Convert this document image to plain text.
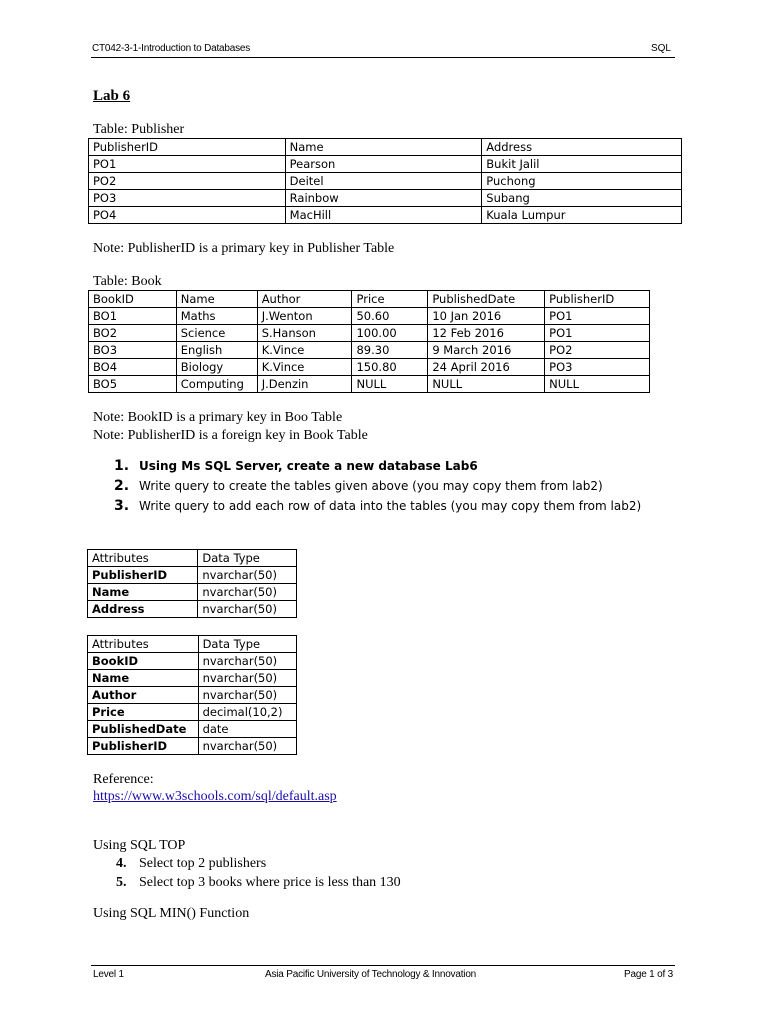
CT042-3-1-Introduction to Databases	SQL
Lab 6
Table: Publisher
PublisherID	Name	Address
PO1	Pearson	Bukit Jalil
PO2	Deitel	Puchong
PO3	Rainbow	Subang
PO4	MacHill	Kuala Lumpur
Note: PublisherID is a primary key in Publisher Table
Table: Book
BookID	Name	Author	Price	PublishedDate	PublisherID
BO1	Maths	J.Wenton	50.60	10 Jan 2016	PO1
BO2	Science	S.Hanson	100.00	12 Feb 2016	PO1
BO3	English	K.Vince	89.30	9 March 2016	PO2
BO4	Biology	K.Vince	150.80	24 April 2016	PO3
BO5	Computing	J.Denzin	NULL	NULL	NULL
Note: BookID is a primary key in Boo Table
Note: PublisherID is a foreign key in Book Table
1. Using Ms SQL Server, create a new database Lab6
2. Write query to create the tables given above (you may copy them from lab2)
3. Write query to add each row of data into the tables (you may copy them from lab2)
Attributes	Data Type
PublisherID	nvarchar(50)
Name	nvarchar(50)
Address	nvarchar(50)
Attributes	Data Type
BookID	nvarchar(50)
Name	nvarchar(50)
Author	nvarchar(50)
Price	decimal(10,2)
PublishedDate	date
PublisherID	nvarchar(50)
Reference:
https://www.w3schools.com/sql/default.asp
Using SQL TOP
4. Select top 2 publishers
5. Select top 3 books where price is less than 130
Using SQL MIN() Function
Level 1	Asia Pacific University of Technology & Innovation	Page 1 of 3
